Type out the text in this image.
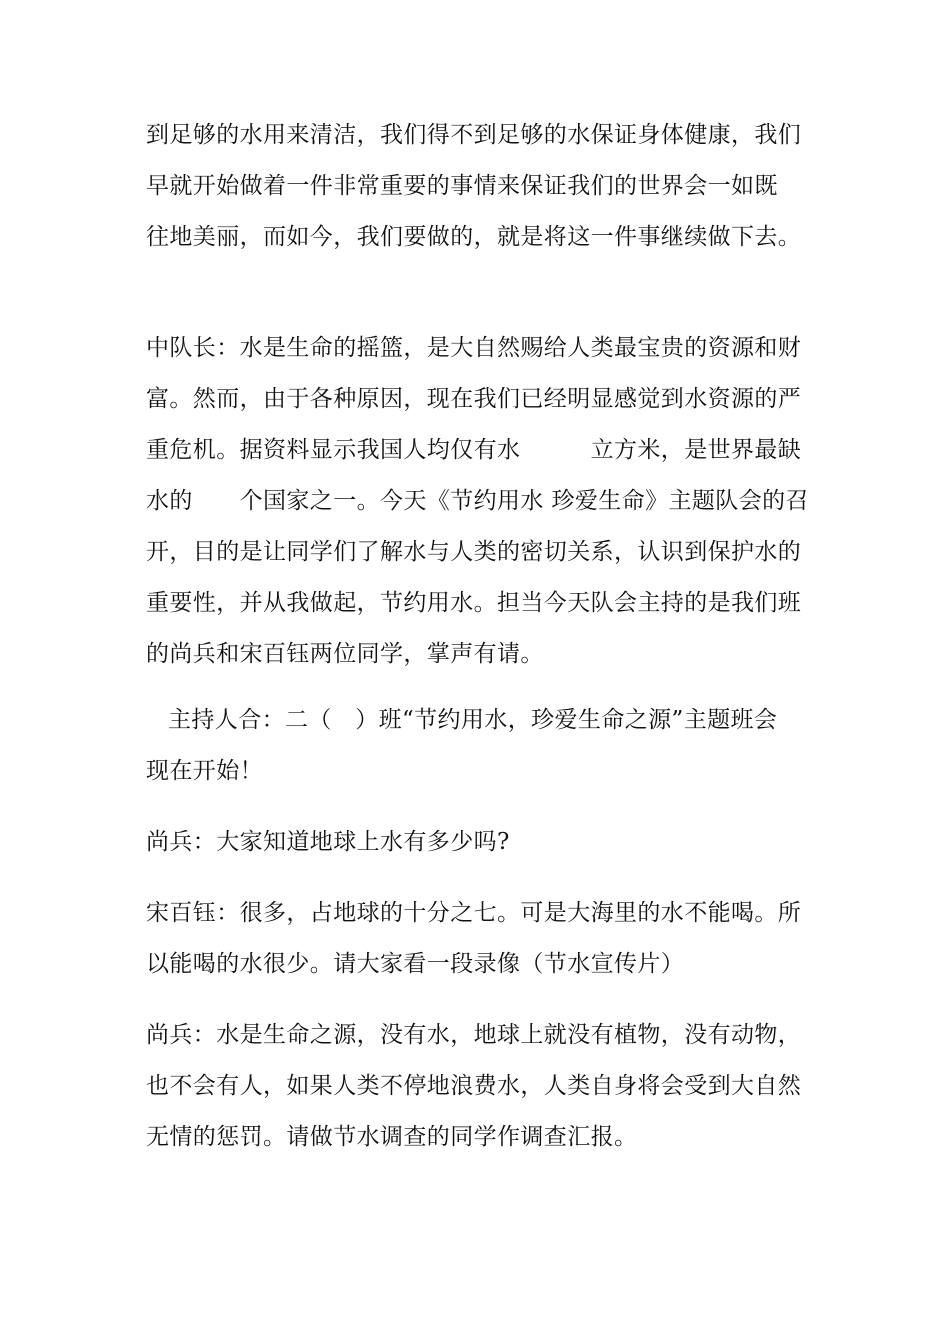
到足够的水用来清洁，我们得不到足够的水保证身体健康，我们
早就开始做着一件非常重要的事情来保证我们的世界会一如既
往地美丽，而如今，我们要做的，就是将这一件事继续做下去。

中队长：水是生命的摇篮，是大自然赐给人类最宝贵的资源和财
富。然而，由于各种原因，现在我们已经明显感觉到水资源的严
重危机。据资料显示我国人均仅有水　　　立方米，是世界最缺
水的　　个国家之一。今天《节约用水 珍爱生命》主题队会的召
开，目的是让同学们了解水与人类的密切关系，认识到保护水的
重要性，并从我做起，节约用水。担当今天队会主持的是我们班
的尚兵和宋百钰两位同学，掌声有请。

主持人合：二（　）班“节约用水，珍爱生命之源”主题班会
现在开始！

尚兵：大家知道地球上水有多少吗?

宋百钰：很多，占地球的十分之七。可是大海里的水不能喝。所
以能喝的水很少。请大家看一段录像（节水宣传片）

尚兵：水是生命之源，没有水，地球上就没有植物，没有动物，
也不会有人，如果人类不停地浪费水，人类自身将会受到大自然
无情的惩罚。请做节水调查的同学作调查汇报。
